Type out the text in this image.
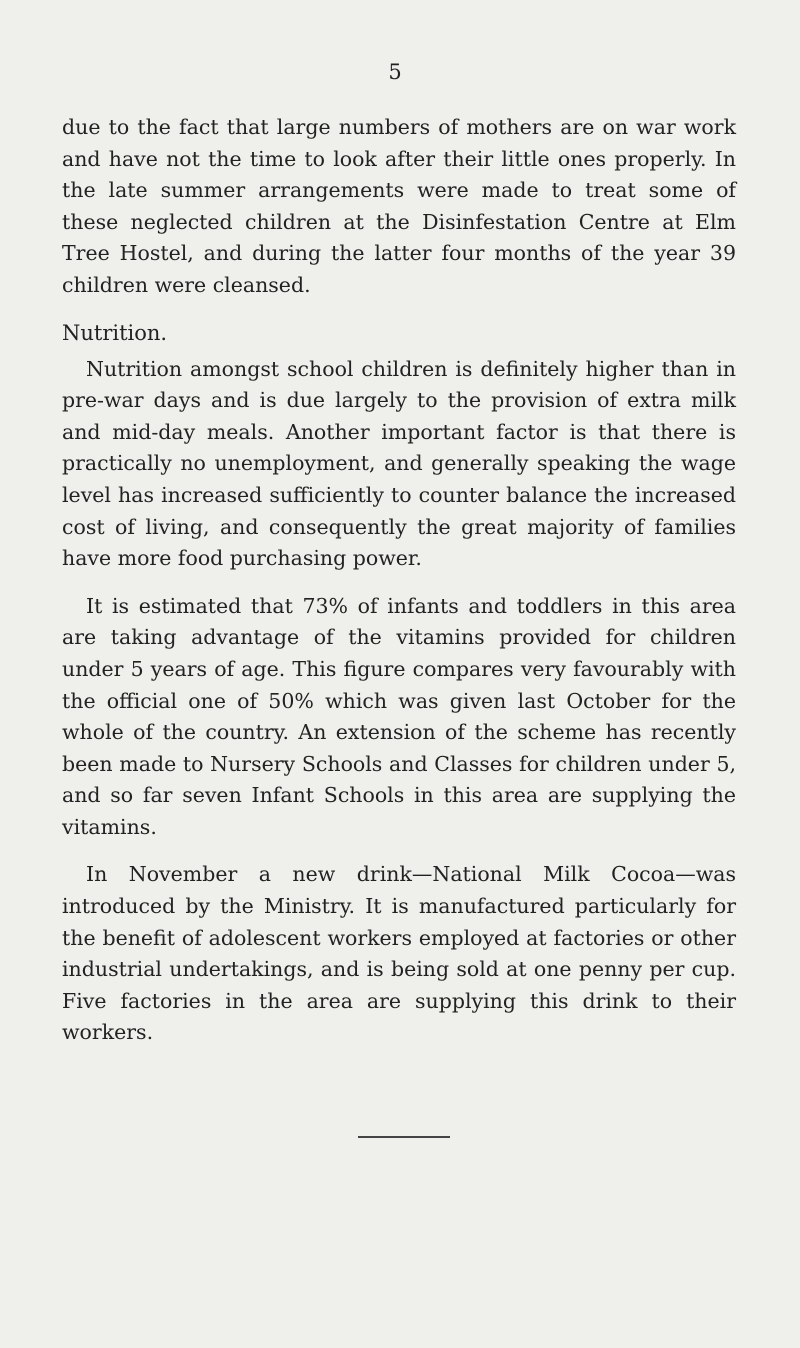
5

due to the fact that large numbers of mothers are on war work and have not the time to look after their little ones properly. In the late summer arrangements were made to treat some of these neglected children at the Disinfestation Centre at Elm Tree Hostel, and during the latter four months of the year 39 children were cleansed.

Nutrition.

Nutrition amongst school children is definitely higher than in pre-war days and is due largely to the provision of extra milk and mid-day meals. Another important factor is that there is practically no unemployment, and generally speaking the wage level has increased sufficiently to counter balance the increased cost of living, and consequently the great majority of families have more food purchasing power.

It is estimated that 73% of infants and toddlers in this area are taking advantage of the vitamins provided for children under 5 years of age. This figure compares very favourably with the official one of 50% which was given last October for the whole of the country. An extension of the scheme has recently been made to Nursery Schools and Classes for children under 5, and so far seven Infant Schools in this area are supplying the vitamins.

In November a new drink—National Milk Cocoa—was introduced by the Ministry. It is manufactured particularly for the benefit of adolescent workers employed at factories or other industrial undertakings, and is being sold at one penny per cup. Five factories in the area are supplying this drink to their workers.
